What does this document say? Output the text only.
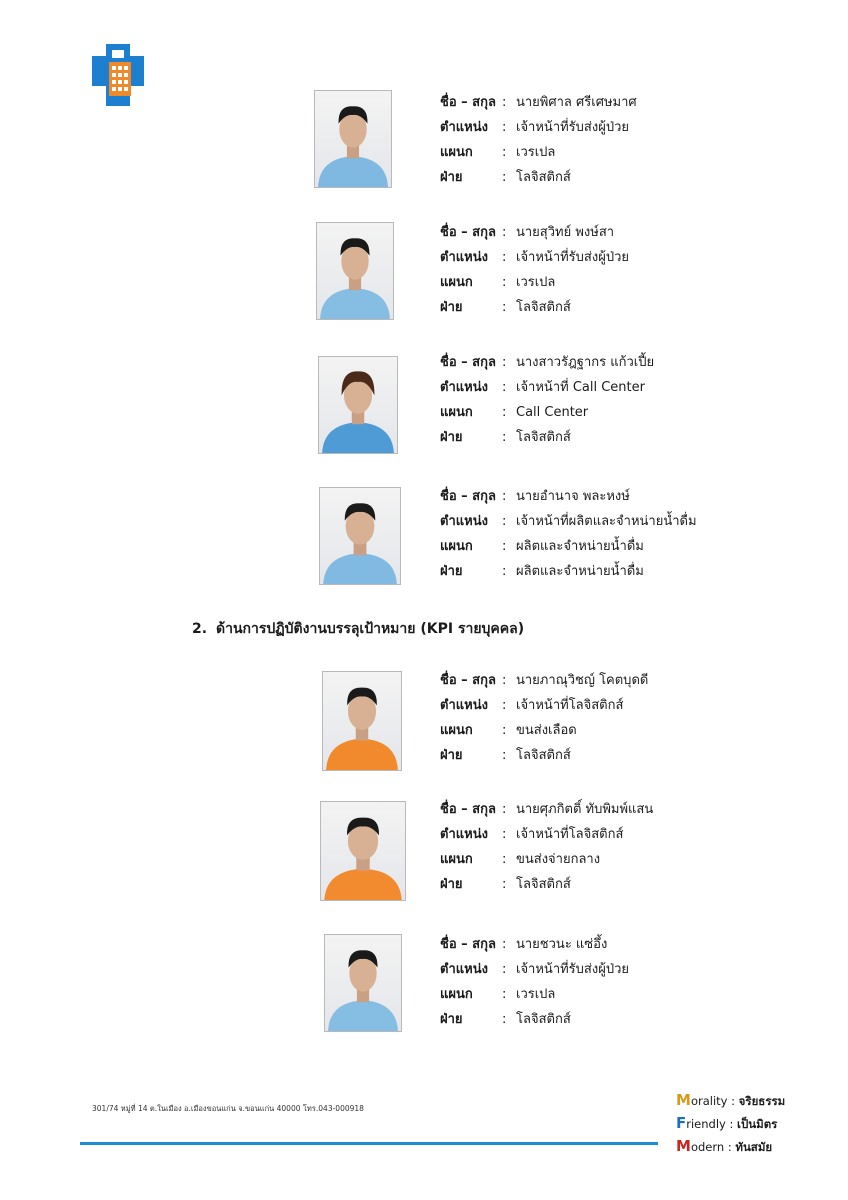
ชื่อ – สกุล : นายพิศาล ศรีเศษมาศ
ตำแหน่ง	: เจ้าหน้าที่รับส่งผู้ป่วย
แผนก	: เวรเปล
ฝ่าย	: โลจิสติกส์
ชื่อ – สกุล : นายสุวิทย์ พงษ์สา
ตำแหน่ง	: เจ้าหน้าที่รับส่งผู้ป่วย
แผนก	: เวรเปล
ฝ่าย	: โลจิสติกส์
ชื่อ – สกุล : นางสาวรัฎฐากร แก้วเปี้ย
ตำแหน่ง	: เจ้าหน้าที่ Call Center
แผนก	: Call Center
ฝ่าย	: โลจิสติกส์
ชื่อ – สกุล : นายอำนาจ พละหงษ์
ตำแหน่ง	: เจ้าหน้าที่ผลิตและจำหน่ายน้ำดื่ม
แผนก	: ผลิตและจำหน่ายน้ำดื่ม
ฝ่าย	: ผลิตและจำหน่ายน้ำดื่ม
2. ด้านการปฏิบัติงานบรรลุเป้าหมาย (KPI รายบุคคล)
ชื่อ – สกุล : นายภาณุวิชญ์ โคตบุดดี
ตำแหน่ง	: เจ้าหน้าที่โลจิสติกส์
แผนก	: ขนส่งเลือด
ฝ่าย	: โลจิสติกส์
ชื่อ – สกุล : นายศุภกิตติ์ ทับพิมพ์แสน
ตำแหน่ง	: เจ้าหน้าที่โลจิสติกส์
แผนก	: ขนส่งจ่ายกลาง
ฝ่าย	: โลจิสติกส์
ชื่อ – สกุล : นายชวนะ แซ่อึ้ง
ตำแหน่ง	: เจ้าหน้าที่รับส่งผู้ป่วย
แผนก	: เวรเปล
ฝ่าย	: โลจิสติกส์
301/74 หมู่ที่ 14 ต.ในเมือง อ.เมืองขอนแก่น จ.ขอนแก่น 40000 โทร.043-000918	Morality : จริยธรรม
Friendly : เป็นมิตร
Modern : ทันสมัย
